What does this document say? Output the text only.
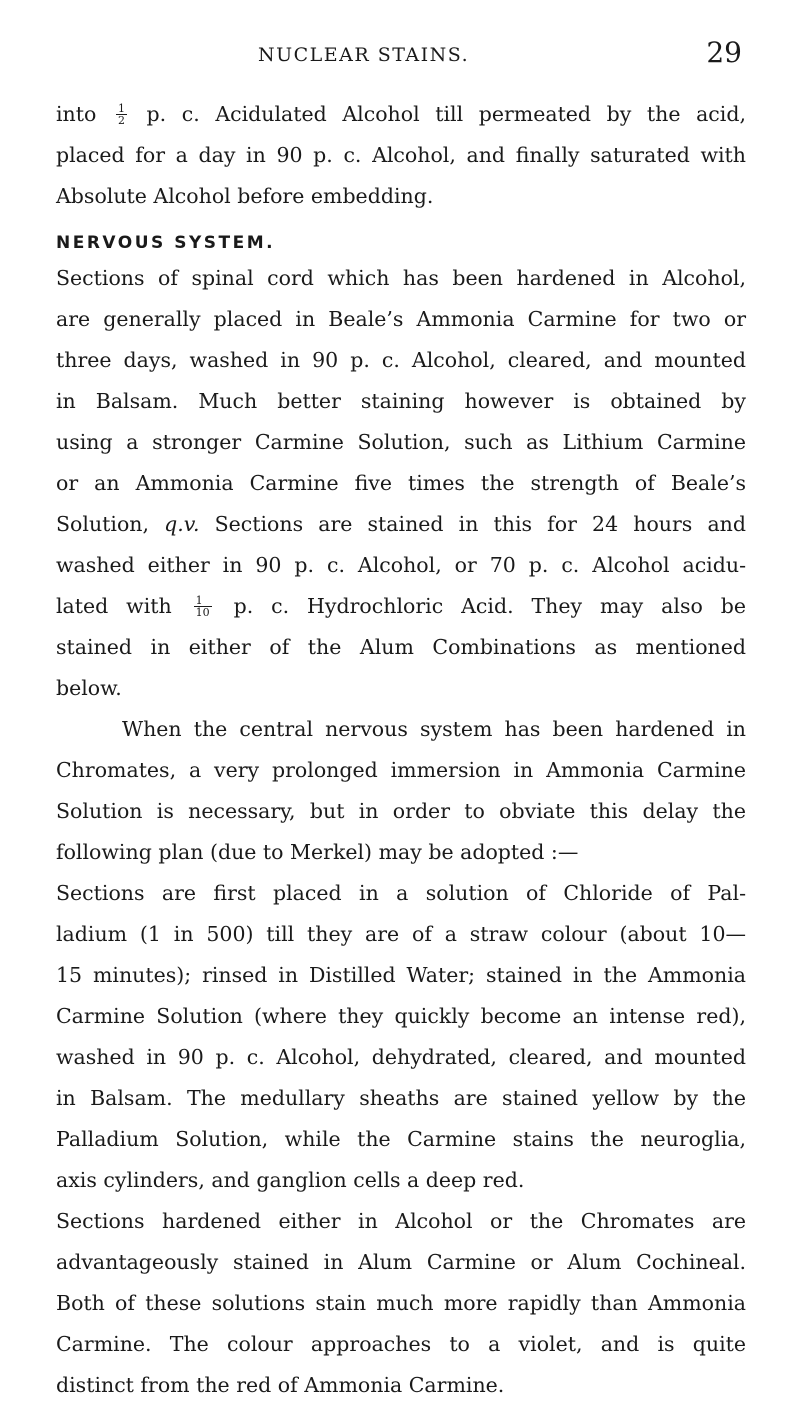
NUCLEAR STAINS.	29
into $\frac{1}{2} p$. c. Acidulated Alcohol till permeated by the acid,
placed for a day in 90 p. c. Alcohol, and finally saturated with
Absolute Alcohol before embedding.
NERVOUS SYSTEM.
Sections of spinal cord which has been hardened in Alcohol,
are generally placed in Beale’s Ammonia Carmine for two or
three days, washed in 90 p. c. Alcohol, cleared, and mounted
in Balsam. Much better staining however is obtained by
using a stronger Carmine Solution, such as Lithium Carmine
or an Ammonia Carmine five times the strength of Beale’s
Solution, q.v. Sections are stained in this for 24 hours and
washed either in 90 p. c. Alcohol, or 70 p. c. Alcohol acidu-
lated with $\frac{1}{10} p$. c. Hydrochloric Acid. They may also be
stained in either of the Alum Combinations as mentioned
below.
When the central nervous system has been hardened in
Chromates, a very prolonged immersion in Ammonia Carmine
Solution is necessary, but in order to obviate this delay the
following plan (due to Merkel) may be adopted :—
Sections are first placed in a solution of Chloride of Pal-
ladium (1 in 500) till they are of a straw colour (about 10—
15 minutes); rinsed in Distilled Water; stained in the Ammonia
Carmine Solution (where they quickly become an intense red),
washed in 90 p. c. Alcohol, dehydrated, cleared, and mounted
in Balsam. The medullary sheaths are stained yellow by the
Palladium Solution, while the Carmine stains the neuroglia,
axis cylinders, and ganglion cells a deep red.
Sections hardened either in Alcohol or the Chromates are
advantageously stained in Alum Carmine or Alum Cochineal.
Both of these solutions stain much more rapidly than Ammonia
Carmine. The colour approaches to a violet, and is quite
distinct from the red of Ammonia Carmine.
